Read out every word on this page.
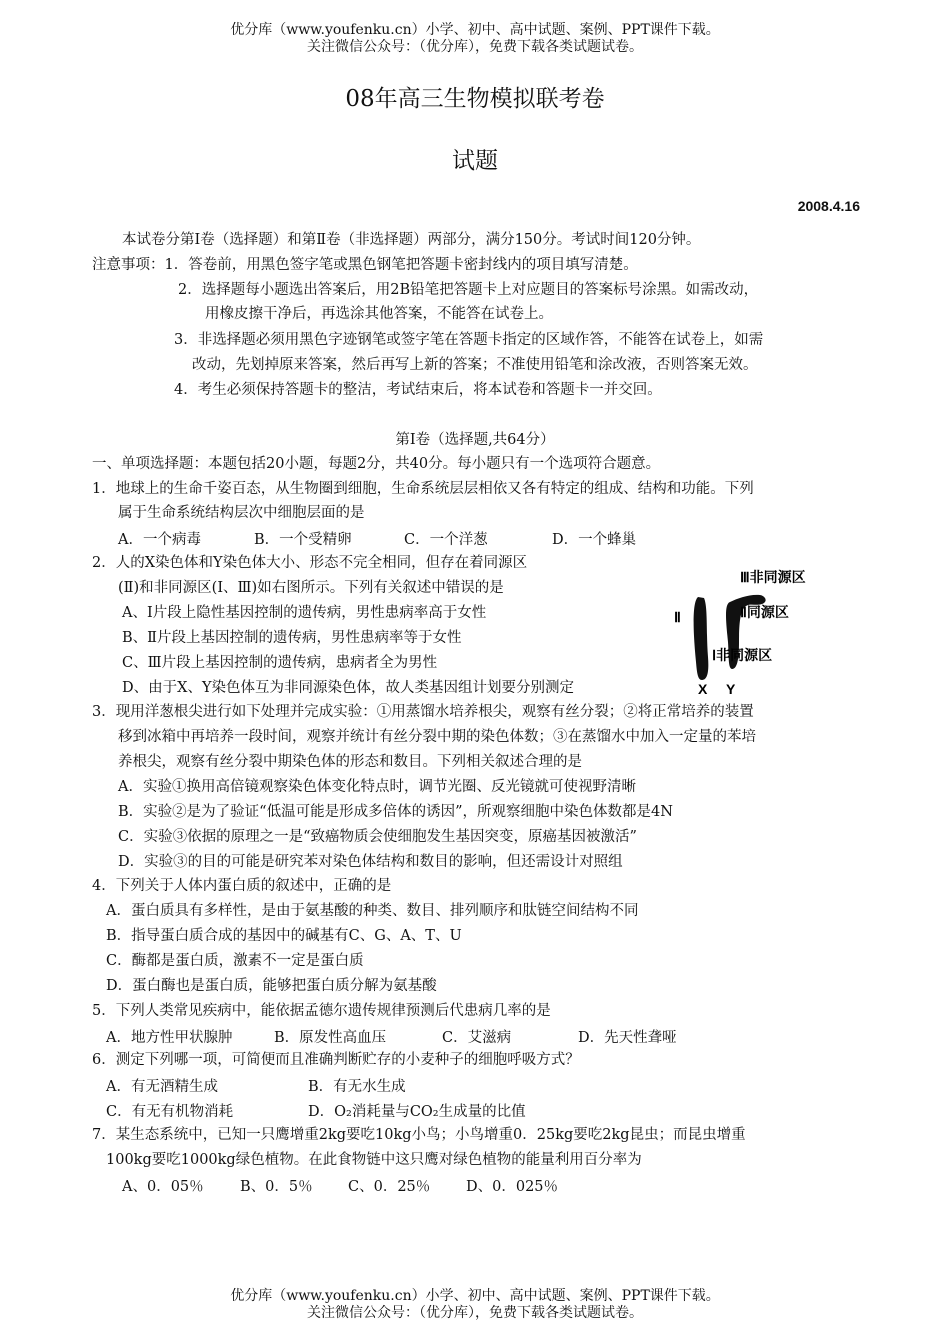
优分库（www.youfenku.cn）小学、初中、高中试题、案例、PPT课件下载。
关注微信公众号：（优分库），免费下载各类试题试卷。
08年高三生物模拟联考卷
试题
2008.4.16
本试卷分第Ⅰ卷（选择题）和第Ⅱ卷（非选择题）两部分，满分150分。考试时间120分钟。
注意事项：1．答卷前，用黑色签字笔或黑色钢笔把答题卡密封线内的项目填写清楚。
2．选择题每小题选出答案后，用2B铅笔把答题卡上对应题目的答案标号涂黑。如需改动，
用橡皮擦干净后，再选涂其他答案，不能答在试卷上。
3．非选择题必须用黑色字迹钢笔或签字笔在答题卡指定的区域作答，不能答在试卷上，如需
改动，先划掉原来答案，然后再写上新的答案；不准使用铅笔和涂改液，否则答案无效。
4．考生必须保持答题卡的整洁，考试结束后，将本试卷和答题卡一并交回。
第Ⅰ卷（选择题,共64分）
一、单项选择题：本题包括20小题，每题2分，共40分。每小题只有一个选项符合题意。
1．地球上的生命千姿百态，从生物圈到细胞，生命系统层层相依又各有特定的组成、结构和功能。下列
属于生命系统结构层次中细胞层面的是
A．一个病毒	B．一个受精卵	C．一个洋葱	D．一个蜂巢
2．人的X染色体和Y染色体大小、形态不完全相同，但存在着同源区
(Ⅱ)和非同源区(Ⅰ、Ⅲ)如右图所示。下列有关叙述中错误的是
A、Ⅰ片段上隐性基因控制的遗传病，男性患病率高于女性
B、Ⅱ片段上基因控制的遗传病，男性患病率等于女性
C、Ⅲ片段上基因控制的遗传病，患病者全为男性
D、由于X、Y染色体互为非同源染色体，故人类基因组计划要分别测定
Ⅲ非同源区
Ⅱ同源区
Ⅰ非同源区
Ⅱ
X Y
3．现用洋葱根尖进行如下处理并完成实验：①用蒸馏水培养根尖，观察有丝分裂；②将正常培养的装置
移到冰箱中再培养一段时间，观察并统计有丝分裂中期的染色体数；③在蒸馏水中加入一定量的苯培
养根尖，观察有丝分裂中期染色体的形态和数目。下列相关叙述合理的是
A．实验①换用高倍镜观察染色体变化特点时，调节光圈、反光镜就可使视野清晰
B．实验②是为了验证“低温可能是形成多倍体的诱因”，所观察细胞中染色体数都是4N
C．实验③依据的原理之一是“致癌物质会使细胞发生基因突变，原癌基因被激活”
D．实验③的目的可能是研究苯对染色体结构和数目的影响，但还需设计对照组
4．下列关于人体内蛋白质的叙述中，正确的是
A．蛋白质具有多样性，是由于氨基酸的种类、数目、排列顺序和肽链空间结构不同
B．指导蛋白质合成的基因中的碱基有C、G、A、T、U
C．酶都是蛋白质，激素不一定是蛋白质
D．蛋白酶也是蛋白质，能够把蛋白质分解为氨基酸
5．下列人类常见疾病中，能依据孟德尔遗传规律预测后代患病几率的是
A．地方性甲状腺肿	B．原发性高血压	C．艾滋病	D．先天性聋哑
6．测定下列哪一项，可简便而且准确判断贮存的小麦种子的细胞呼吸方式？
A．有无酒精生成	B．有无水生成
C．有无有机物消耗	D．O₂消耗量与CO₂生成量的比值
7．某生态系统中，已知一只鹰增重2kg要吃10kg小鸟；小鸟增重0．25kg要吃2kg昆虫；而昆虫增重
100kg要吃1000kg绿色植物。在此食物链中这只鹰对绿色植物的能量利用百分率为
A、0．05％	B、0．5％ C、0．25％ D、0．025％
优分库（www.youfenku.cn）小学、初中、高中试题、案例、PPT课件下载。
关注微信公众号：（优分库），免费下载各类试题试卷。
